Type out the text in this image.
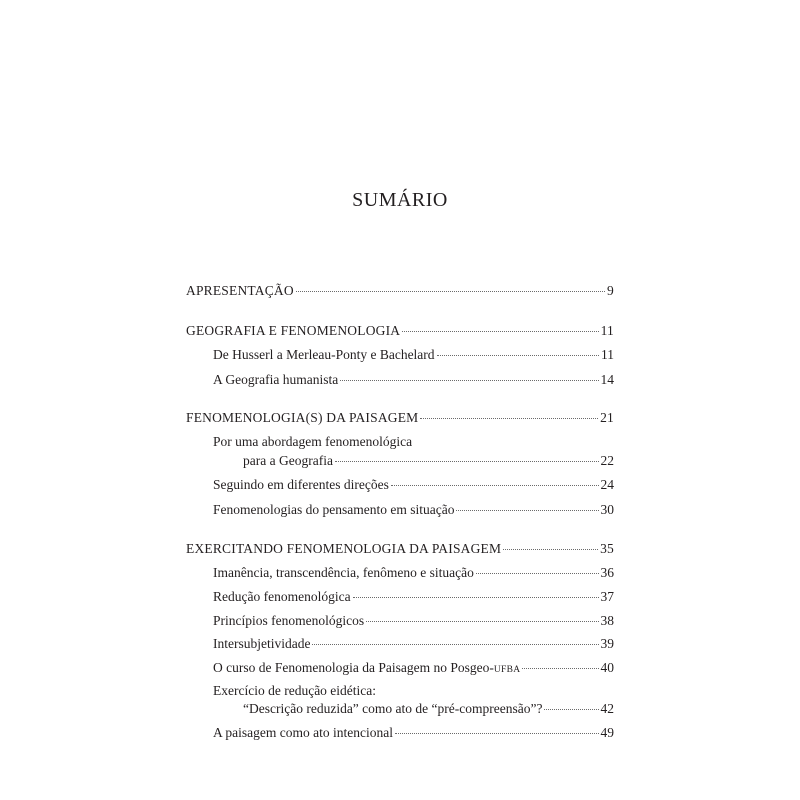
SUMÁRIO
APRESENTAÇÃO	9
GEOGRAFIA E FENOMENOLOGIA	11
De Husserl a Merleau-Ponty e Bachelard	11
A Geografia humanista	14
FENOMENOLOGIA(S) DA PAISAGEM	21
Por uma abordagem fenomenológica
para a Geografia	22
Seguindo em diferentes direções	24
Fenomenologias do pensamento em situação	30
EXERCITANDO FENOMENOLOGIA DA PAISAGEM	35
Imanência, transcendência, fenômeno e situação	36
Redução fenomenológica	37
Princípios fenomenológicos	38
Intersubjetividade	39
O curso de Fenomenologia da Paisagem no Posgeo-UFBA	40
Exercício de redução eidética:
“Descrição reduzida” como ato de “pré-compreensão”?	42
A paisagem como ato intencional	49
